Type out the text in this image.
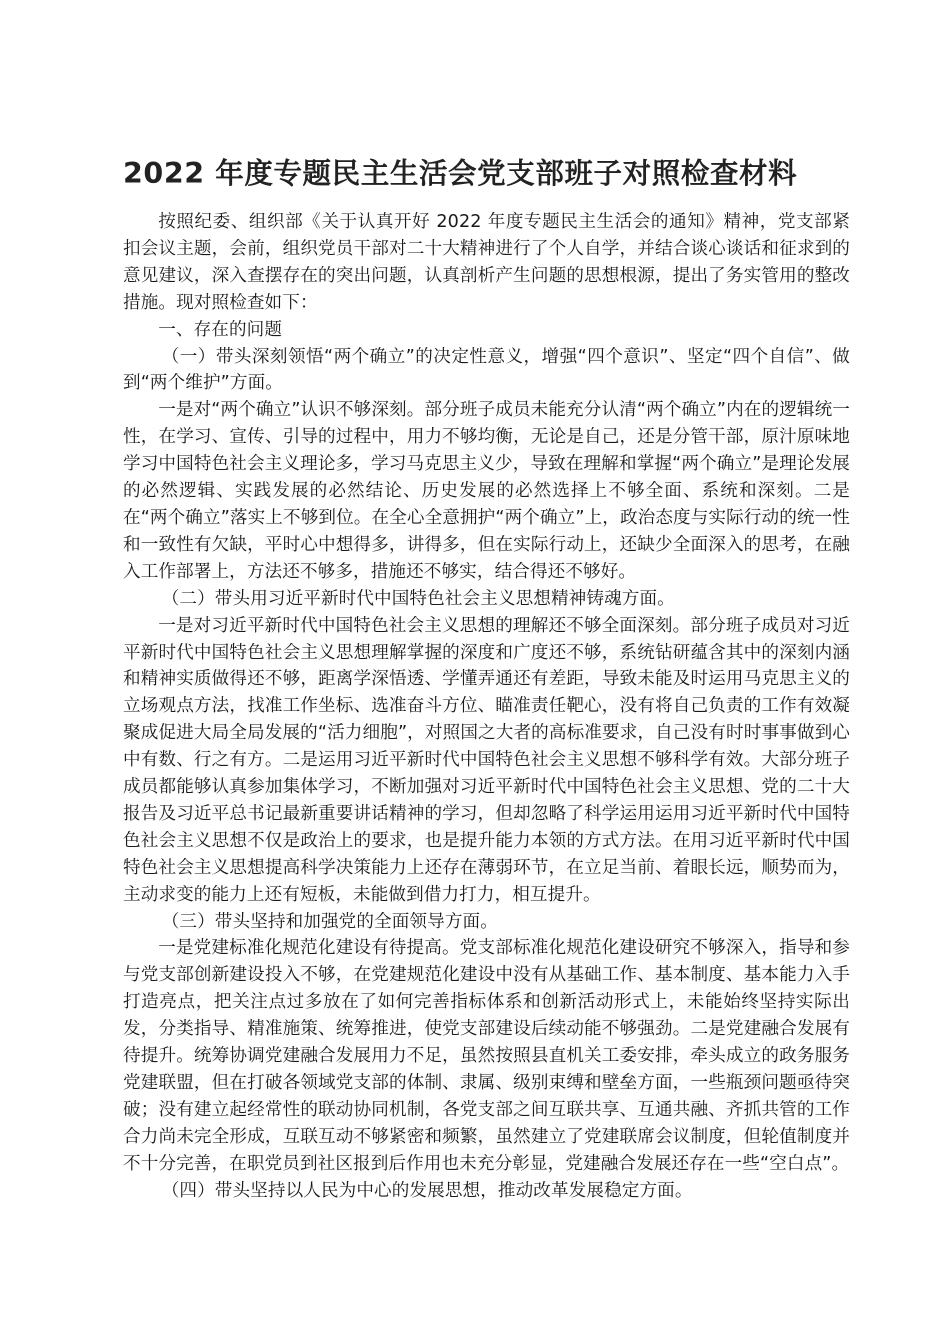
2022 年度专题民主生活会党支部班子对照检查材料

按照纪委、组织部《关于认真开好 2022 年度专题民主生活会的通知》精神，党支部紧扣会议主题，会前，组织党员干部对二十大精神进行了个人自学，并结合谈心谈话和征求到的意见建议，深入查摆存在的突出问题，认真剖析产生问题的思想根源，提出了务实管用的整改措施。现对照检查如下：

一、存在的问题

（一）带头深刻领悟“两个确立”的决定性意义，增强“四个意识”、坚定“四个自信”、做到“两个维护”方面。

一是对“两个确立”认识不够深刻。部分班子成员未能充分认清“两个确立”内在的逻辑统一性，在学习、宣传、引导的过程中，用力不够均衡，无论是自己，还是分管干部，原汁原味地学习中国特色社会主义理论多，学习马克思主义少，导致在理解和掌握“两个确立”是理论发展的必然逻辑、实践发展的必然结论、历史发展的必然选择上不够全面、系统和深刻。二是在“两个确立”落实上不够到位。在全心全意拥护“两个确立”上，政治态度与实际行动的统一性和一致性有欠缺，平时心中想得多，讲得多，但在实际行动上，还缺少全面深入的思考，在融入工作部署上，方法还不够多，措施还不够实，结合得还不够好。

（二）带头用习近平新时代中国特色社会主义思想精神铸魂方面。

一是对习近平新时代中国特色社会主义思想的理解还不够全面深刻。部分班子成员对习近平新时代中国特色社会主义思想理解掌握的深度和广度还不够，系统钻研蕴含其中的深刻内涵和精神实质做得还不够，距离学深悟透、学懂弄通还有差距，导致未能及时运用马克思主义的立场观点方法，找准工作坐标、选准奋斗方位、瞄准责任靶心，没有将自己负责的工作有效凝聚成促进大局全局发展的“活力细胞”，对照国之大者的高标准要求，自己没有时时事事做到心中有数、行之有方。二是运用习近平新时代中国特色社会主义思想不够科学有效。大部分班子成员都能够认真参加集体学习，不断加强对习近平新时代中国特色社会主义思想、党的二十大报告及习近平总书记最新重要讲话精神的学习，但却忽略了科学运用运用习近平新时代中国特色社会主义思想不仅是政治上的要求，也是提升能力本领的方式方法。在用习近平新时代中国特色社会主义思想提高科学决策能力上还存在薄弱环节，在立足当前、着眼长远，顺势而为，主动求变的能力上还有短板，未能做到借力打力，相互提升。

（三）带头坚持和加强党的全面领导方面。

一是党建标准化规范化建设有待提高。党支部标准化规范化建设研究不够深入，指导和参与党支部创新建设投入不够，在党建规范化建设中没有从基础工作、基本制度、基本能力入手打造亮点，把关注点过多放在了如何完善指标体系和创新活动形式上，未能始终坚持实际出发，分类指导、精准施策、统筹推进，使党支部建设后续动能不够强劲。二是党建融合发展有待提升。统筹协调党建融合发展用力不足，虽然按照县直机关工委安排，牵头成立的政务服务党建联盟，但在打破各领域党支部的体制、隶属、级别束缚和壁垒方面，一些瓶颈问题亟待突破；没有建立起经常性的联动协同机制，各党支部之间互联共享、互通共融、齐抓共管的工作合力尚未完全形成，互联互动不够紧密和频繁，虽然建立了党建联席会议制度，但轮值制度并不十分完善，在职党员到社区报到后作用也未充分彰显，党建融合发展还存在一些“空白点”。

（四）带头坚持以人民为中心的发展思想，推动改革发展稳定方面。
